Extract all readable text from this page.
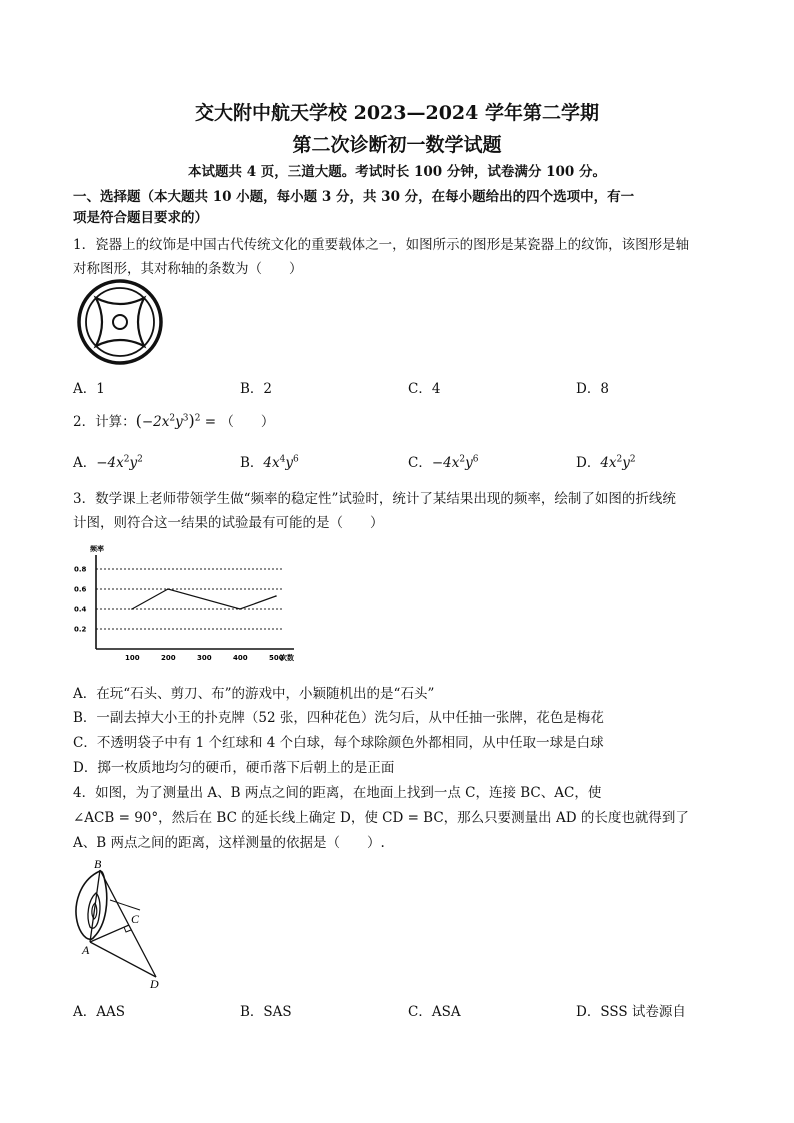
交大附中航天学校 2023—2024 学年第二学期
第二次诊断初一数学试题
本试题共 4 页，三道大题。考试时长 100 分钟，试卷满分 100 分。
一、选择题（本大题共 10 小题，每小题 3 分，共 30 分，在每小题给出的四个选项中，有一
项是符合题目要求的）
1．瓷器上的纹饰是中国古代传统文化的重要载体之一，如图所示的图形是某瓷器上的纹饰，该图形是轴
对称图形，其对称轴的条数为（　　）
A．1	B．2	C．4	D．8
2．计算：$(-2x^2y^3)^2$ = （　　）
A．$-4x^2y^2$	B．$4x^4y^6$	C．$-4x^2y^6$	D．$4x^2y^2$
3．数学课上老师带领学生做“频率的稳定性”试验时，统计了某结果出现的频率，绘制了如图的折线统
计图，则符合这一结果的试验最有可能的是（　　）
频率
次数
0.2
0.4
0.6
0.8
100	200	300	400	500
A．在玩“石头、剪刀、布”的游戏中，小颖随机出的是“石头”
B．一副去掉大小王的扑克牌（52 张，四种花色）洗匀后，从中任抽一张牌，花色是梅花
C．不透明袋子中有 1 个红球和 4 个白球，每个球除颜色外都相同，从中任取一球是白球
D．掷一枚质地均匀的硬币，硬币落下后朝上的是正面
4．如图，为了测量出 A、B 两点之间的距离，在地面上找到一点 C，连接 BC、AC，使
∠ACB = 90°，然后在 BC 的延长线上确定 D，使 CD = BC，那么只要测量出 AD 的长度也就得到了
A、B 两点之间的距离，这样测量的依据是（　　）.
B
C
A
D
A．AAS	B．SAS	C．ASA	D．SSS 试卷源自
